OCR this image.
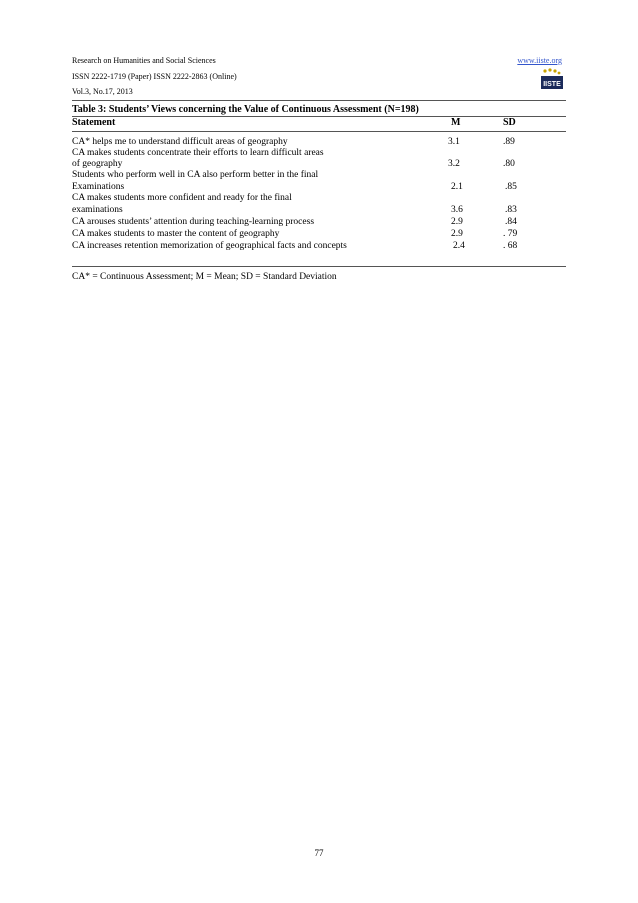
Research on Humanities and Social Sciences
ISSN 2222-1719 (Paper) ISSN 2222-2863 (Online)
Vol.3, No.17, 2013
www.iiste.org
IISTE
Table 3: Students’ Views concerning the Value of Continuous Assessment (N=198)
Statement	M	SD
CA* helps me to understand difficult areas of geography	3.1	.89
CA makes students concentrate their efforts to learn difficult areas
of geography	3.2	.80
Students who perform well in CA also perform better in the final
Examinations	2.1	.85
CA makes students more confident and ready for the final
examinations	3.6	.83
CA arouses students’ attention during teaching-learning process	2.9	.84
CA makes students to master the content of geography	2.9	. 79
CA increases retention memorization of geographical facts and concepts	2.4	. 68
CA* = Continuous Assessment; M = Mean; SD = Standard Deviation
77
